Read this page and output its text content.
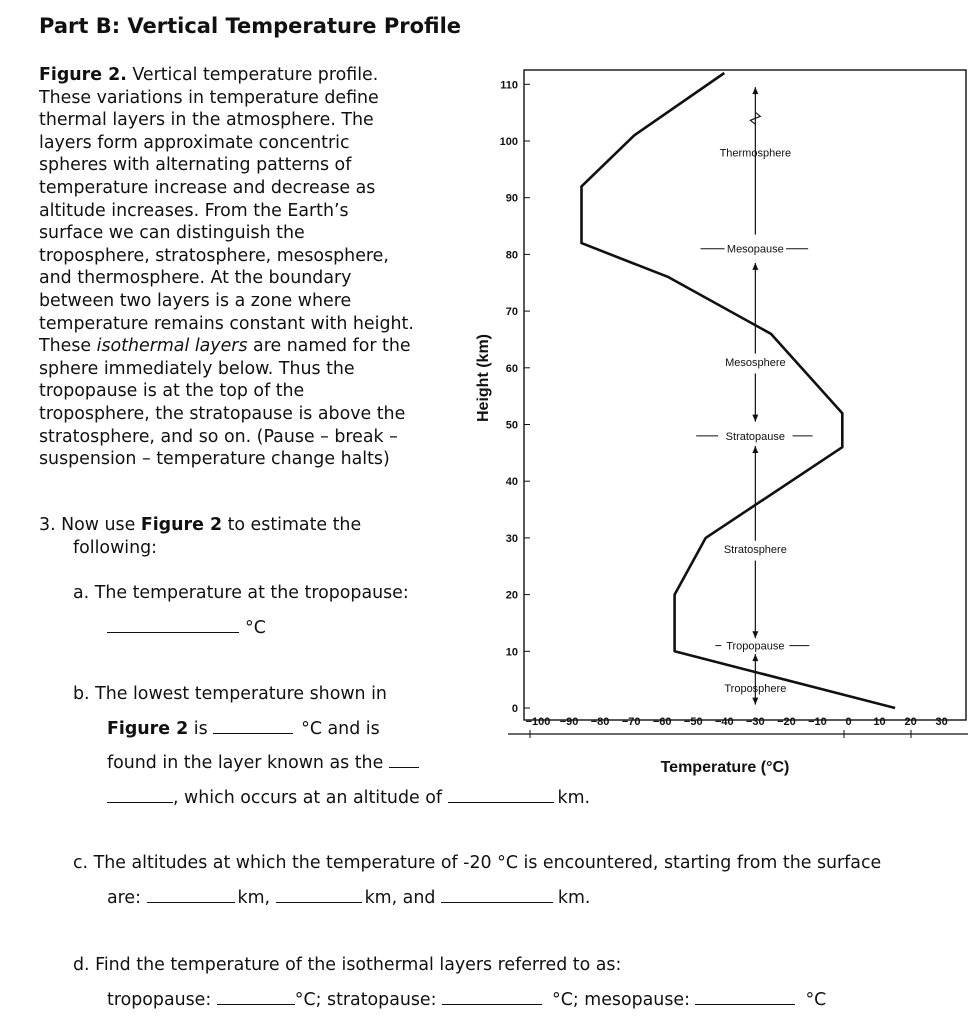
Part B: Vertical Temperature Profile
Figure 2. Vertical temperature profile.
These variations in temperature define
thermal layers in the atmosphere. The
layers form approximate concentric
spheres with alternating patterns of
temperature increase and decrease as
altitude increases. From the Earth’s
surface we can distinguish the
troposphere, stratosphere, mesosphere,
and thermosphere. At the boundary
between two layers is a zone where
temperature remains constant with height.
These isothermal layers are named for the
sphere immediately below. Thus the
tropopause is at the top of the
troposphere, the stratopause is above the
stratosphere, and so on. (Pause – break –
suspension – temperature change halts)
3. Now use Figure 2 to estimate the
following:
a. The temperature at the tropopause:
°C
b. The lowest temperature shown in
Figure 2 is	°C and is
found in the layer known as the
, which occurs at an altitude of	km.
c. The altitudes at which the temperature of -20 °C is encountered, starting from the surface
are:	km,	km, and	km.
d. Find the temperature of the isothermal layers referred to as:
tropopause:	°C; stratopause:	°C; mesopause:	°C
0
10
20
30
40
50
60
70
80
90
100
110
−100 −90 −80 −70 −60 −50 −40 −30 −20 −10 0 10 20 30
Thermosphere
Mesopause
Mesosphere
Stratopause
Stratosphere
Tropopause
Troposphere
Height (km)
Temperature (°C)
